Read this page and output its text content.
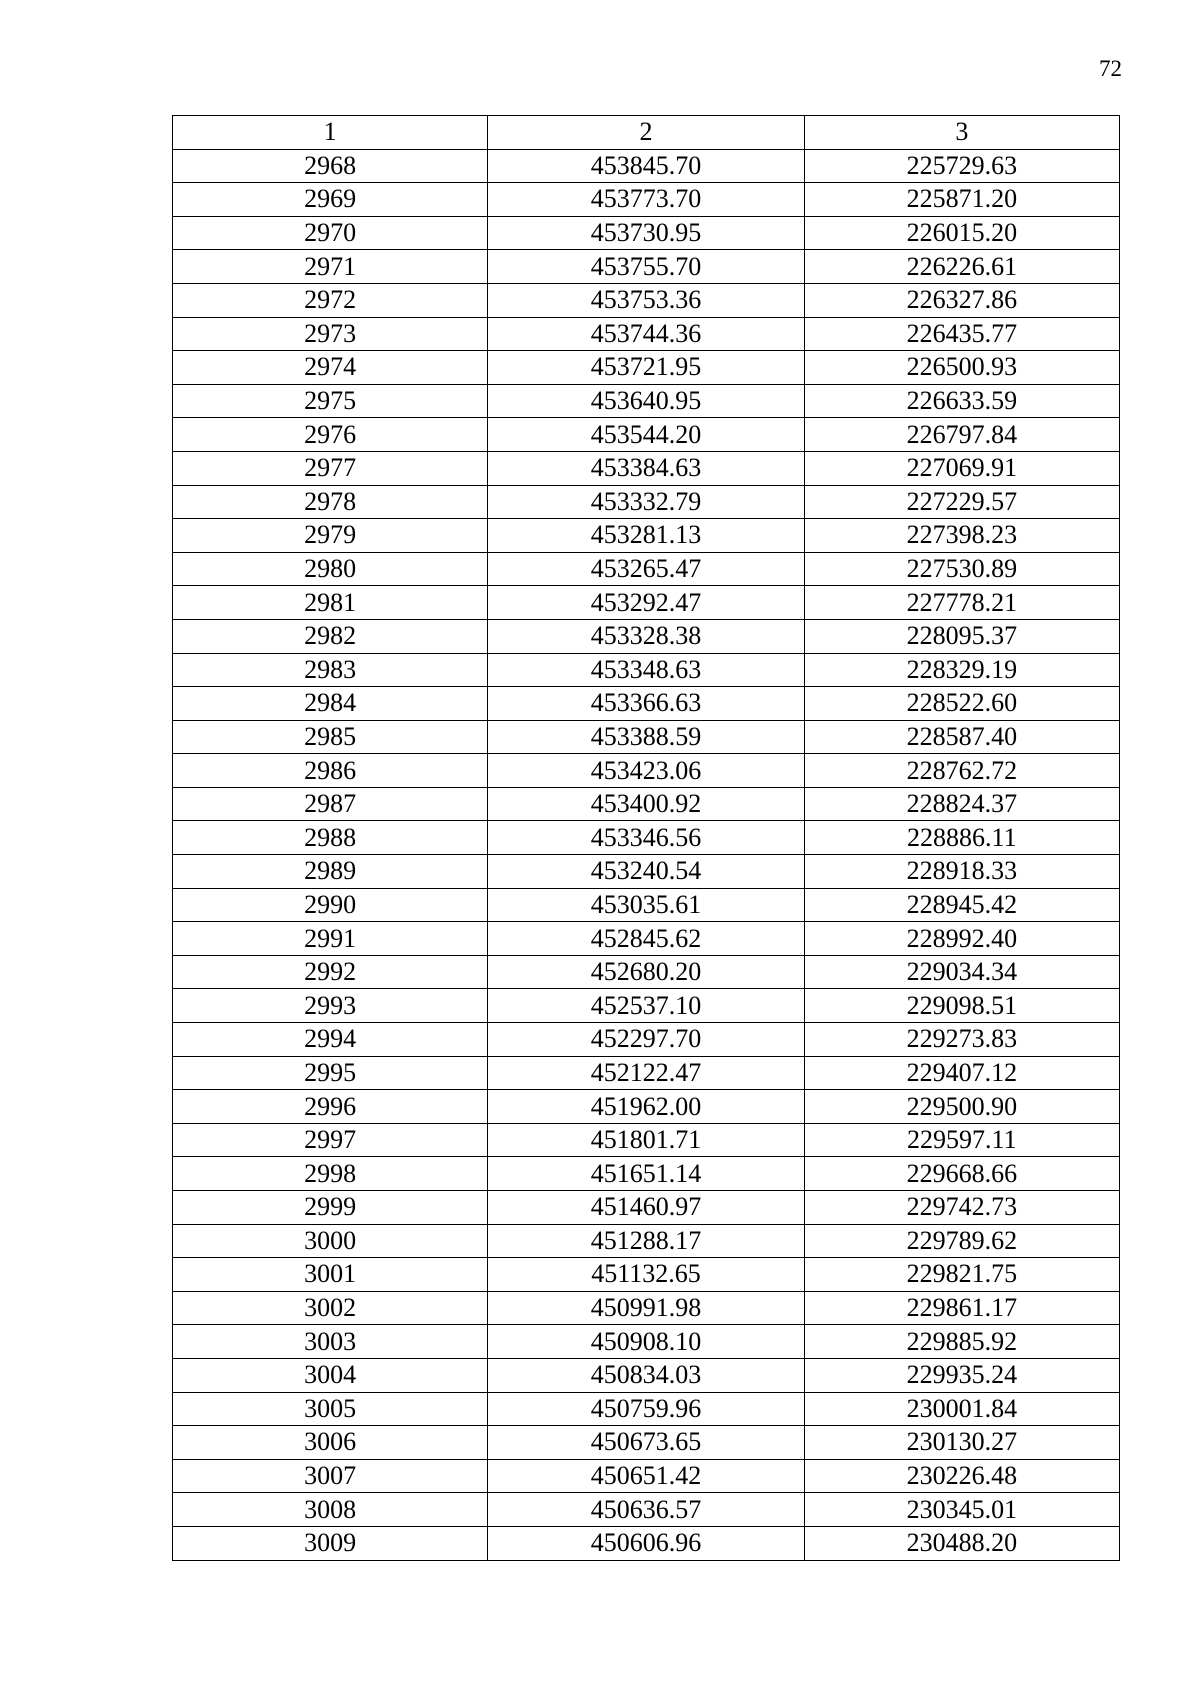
72
1	2	3
2968	453845.70	225729.63
2969	453773.70	225871.20
2970	453730.95	226015.20
2971	453755.70	226226.61
2972	453753.36	226327.86
2973	453744.36	226435.77
2974	453721.95	226500.93
2975	453640.95	226633.59
2976	453544.20	226797.84
2977	453384.63	227069.91
2978	453332.79	227229.57
2979	453281.13	227398.23
2980	453265.47	227530.89
2981	453292.47	227778.21
2982	453328.38	228095.37
2983	453348.63	228329.19
2984	453366.63	228522.60
2985	453388.59	228587.40
2986	453423.06	228762.72
2987	453400.92	228824.37
2988	453346.56	228886.11
2989	453240.54	228918.33
2990	453035.61	228945.42
2991	452845.62	228992.40
2992	452680.20	229034.34
2993	452537.10	229098.51
2994	452297.70	229273.83
2995	452122.47	229407.12
2996	451962.00	229500.90
2997	451801.71	229597.11
2998	451651.14	229668.66
2999	451460.97	229742.73
3000	451288.17	229789.62
3001	451132.65	229821.75
3002	450991.98	229861.17
3003	450908.10	229885.92
3004	450834.03	229935.24
3005	450759.96	230001.84
3006	450673.65	230130.27
3007	450651.42	230226.48
3008	450636.57	230345.01
3009	450606.96	230488.20
